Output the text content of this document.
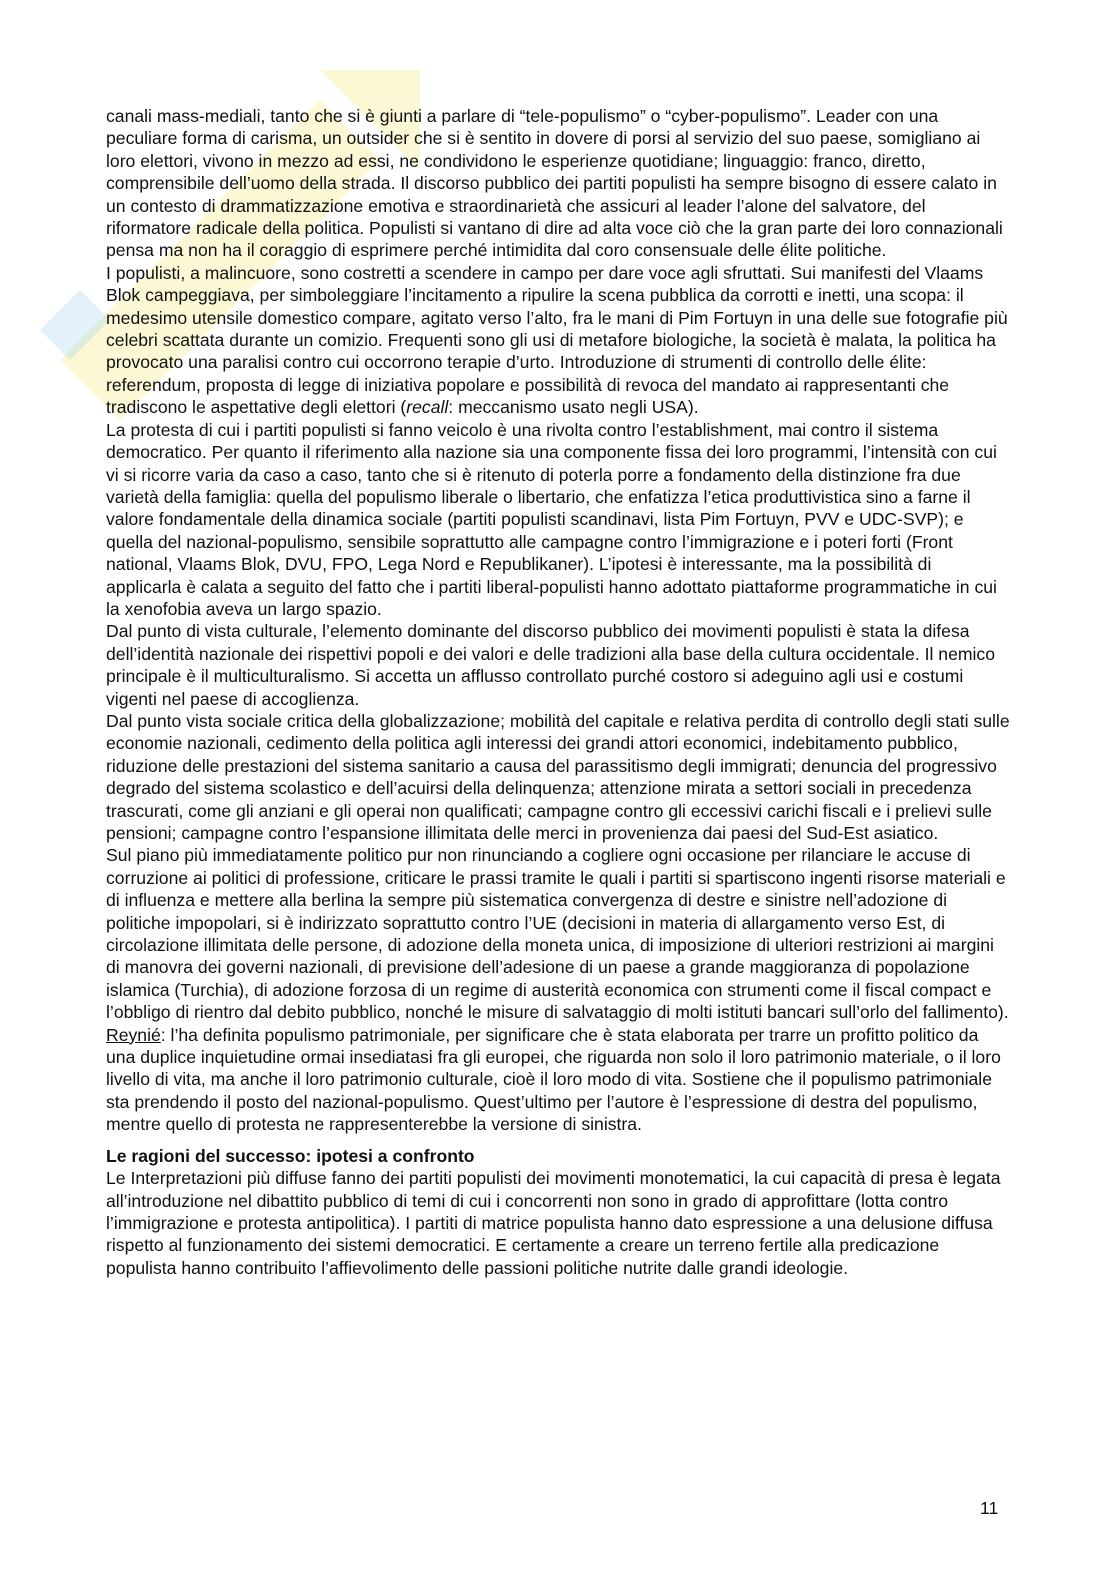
canali mass-mediali, tanto che si è giunti a parlare di “tele-populismo” o “cyber-populismo”. Leader con una peculiare forma di carisma, un outsider che si è sentito in dovere di porsi al servizio del suo paese, somigliano ai loro elettori, vivono in mezzo ad essi, ne condividono le esperienze quotidiane; linguaggio: franco, diretto, comprensibile dell’uomo della strada. Il discorso pubblico dei partiti populisti ha sempre bisogno di essere calato in un contesto di drammatizzazione emotiva e straordinarietà che assicuri al leader l’alone del salvatore, del riformatore radicale della politica. Populisti si vantano di dire ad alta voce ciò che la gran parte dei loro connazionali pensa ma non ha il coraggio di esprimere perché intimidita dal coro consensuale delle élite politiche.

I populisti, a malincuore, sono costretti a scendere in campo per dare voce agli sfruttati. Sui manifesti del Vlaams Blok campeggiava, per simboleggiare l’incitamento a ripulire la scena pubblica da corrotti e inetti, una scopa: il medesimo utensile domestico compare, agitato verso l’alto, fra le mani di Pim Fortuyn in una delle sue fotografie più celebri scattata durante un comizio. Frequenti sono gli usi di metafore biologiche, la società è malata, la politica ha provocato una paralisi contro cui occorrono terapie d’urto. Introduzione di strumenti di controllo delle élite: referendum, proposta di legge di iniziativa popolare e possibilità di revoca del mandato ai rappresentanti che tradiscono le aspettative degli elettori (recall: meccanismo usato negli USA).

La protesta di cui i partiti populisti si fanno veicolo è una rivolta contro l’establishment, mai contro il sistema democratico. Per quanto il riferimento alla nazione sia una componente fissa dei loro programmi, l’intensità con cui vi si ricorre varia da caso a caso, tanto che si è ritenuto di poterla porre a fondamento della distinzione fra due varietà della famiglia: quella del populismo liberale o libertario, che enfatizza l’etica produttivistica sino a farne il valore fondamentale della dinamica sociale (partiti populisti scandinavi, lista Pim Fortuyn, PVV e UDC-SVP); e quella del nazional-populismo, sensibile soprattutto alle campagne contro l’immigrazione e i poteri forti (Front national, Vlaams Blok, DVU, FPO, Lega Nord e Republikaner). L’ipotesi è interessante, ma la possibilità di applicarla è calata a seguito del fatto che i partiti liberal-populisti hanno adottato piattaforme programmatiche in cui la xenofobia aveva un largo spazio.

Dal punto di vista culturale, l’elemento dominante del discorso pubblico dei movimenti populisti è stata la difesa dell’identità nazionale dei rispettivi popoli e dei valori e delle tradizioni alla base della cultura occidentale. Il nemico principale è il multiculturalismo. Si accetta un afflusso controllato purché costoro si adeguino agli usi e costumi vigenti nel paese di accoglienza.

Dal punto vista sociale critica della globalizzazione; mobilità del capitale e relativa perdita di controllo degli stati sulle economie nazionali, cedimento della politica agli interessi dei grandi attori economici, indebitamento pubblico, riduzione delle prestazioni del sistema sanitario a causa del parassitismo degli immigrati; denuncia del progressivo degrado del sistema scolastico e dell’acuirsi della delinquenza; attenzione mirata a settori sociali in precedenza trascurati, come gli anziani e gli operai non qualificati; campagne contro gli eccessivi carichi fiscali e i prelievi sulle pensioni; campagne contro l’espansione illimitata delle merci in provenienza dai paesi del Sud-Est asiatico.

Sul piano più immediatamente politico pur non rinunciando a cogliere ogni occasione per rilanciare le accuse di corruzione ai politici di professione, criticare le prassi tramite le quali i partiti si spartiscono ingenti risorse materiali e di influenza e mettere alla berlina la sempre più sistematica convergenza di destre e sinistre nell’adozione di politiche impopolari, si è indirizzato soprattutto contro l’UE (decisioni in materia di allargamento verso Est, di circolazione illimitata delle persone, di adozione della moneta unica, di imposizione di ulteriori restrizioni ai margini di manovra dei governi nazionali, di previsione dell’adesione di un paese a grande maggioranza di popolazione islamica (Turchia), di adozione forzosa di un regime di austerità economica con strumenti come il fiscal compact e l’obbligo di rientro dal debito pubblico, nonché le misure di salvataggio di molti istituti bancari sull’orlo del fallimento).

Reynié: l’ha definita populismo patrimoniale, per significare che è stata elaborata per trarre un profitto politico da una duplice inquietudine ormai insediatasi fra gli europei, che riguarda non solo il loro patrimonio materiale, o il loro livello di vita, ma anche il loro patrimonio culturale, cioè il loro modo di vita. Sostiene che il populismo patrimoniale sta prendendo il posto del nazional-populismo. Quest’ultimo per l’autore è l’espressione di destra del populismo, mentre quello di protesta ne rappresenterebbe la versione di sinistra.

Le ragioni del successo: ipotesi a confronto

Le Interpretazioni più diffuse fanno dei partiti populisti dei movimenti monotematici, la cui capacità di presa è legata all’introduzione nel dibattito pubblico di temi di cui i concorrenti non sono in grado di approfittare (lotta contro l’immigrazione e protesta antipolitica). I partiti di matrice populista hanno dato espressione a una delusione diffusa rispetto al funzionamento dei sistemi democratici. E certamente a creare un terreno fertile alla predicazione populista hanno contribuito l’affievolimento delle passioni politiche nutrite dalle grandi ideologie.

11
